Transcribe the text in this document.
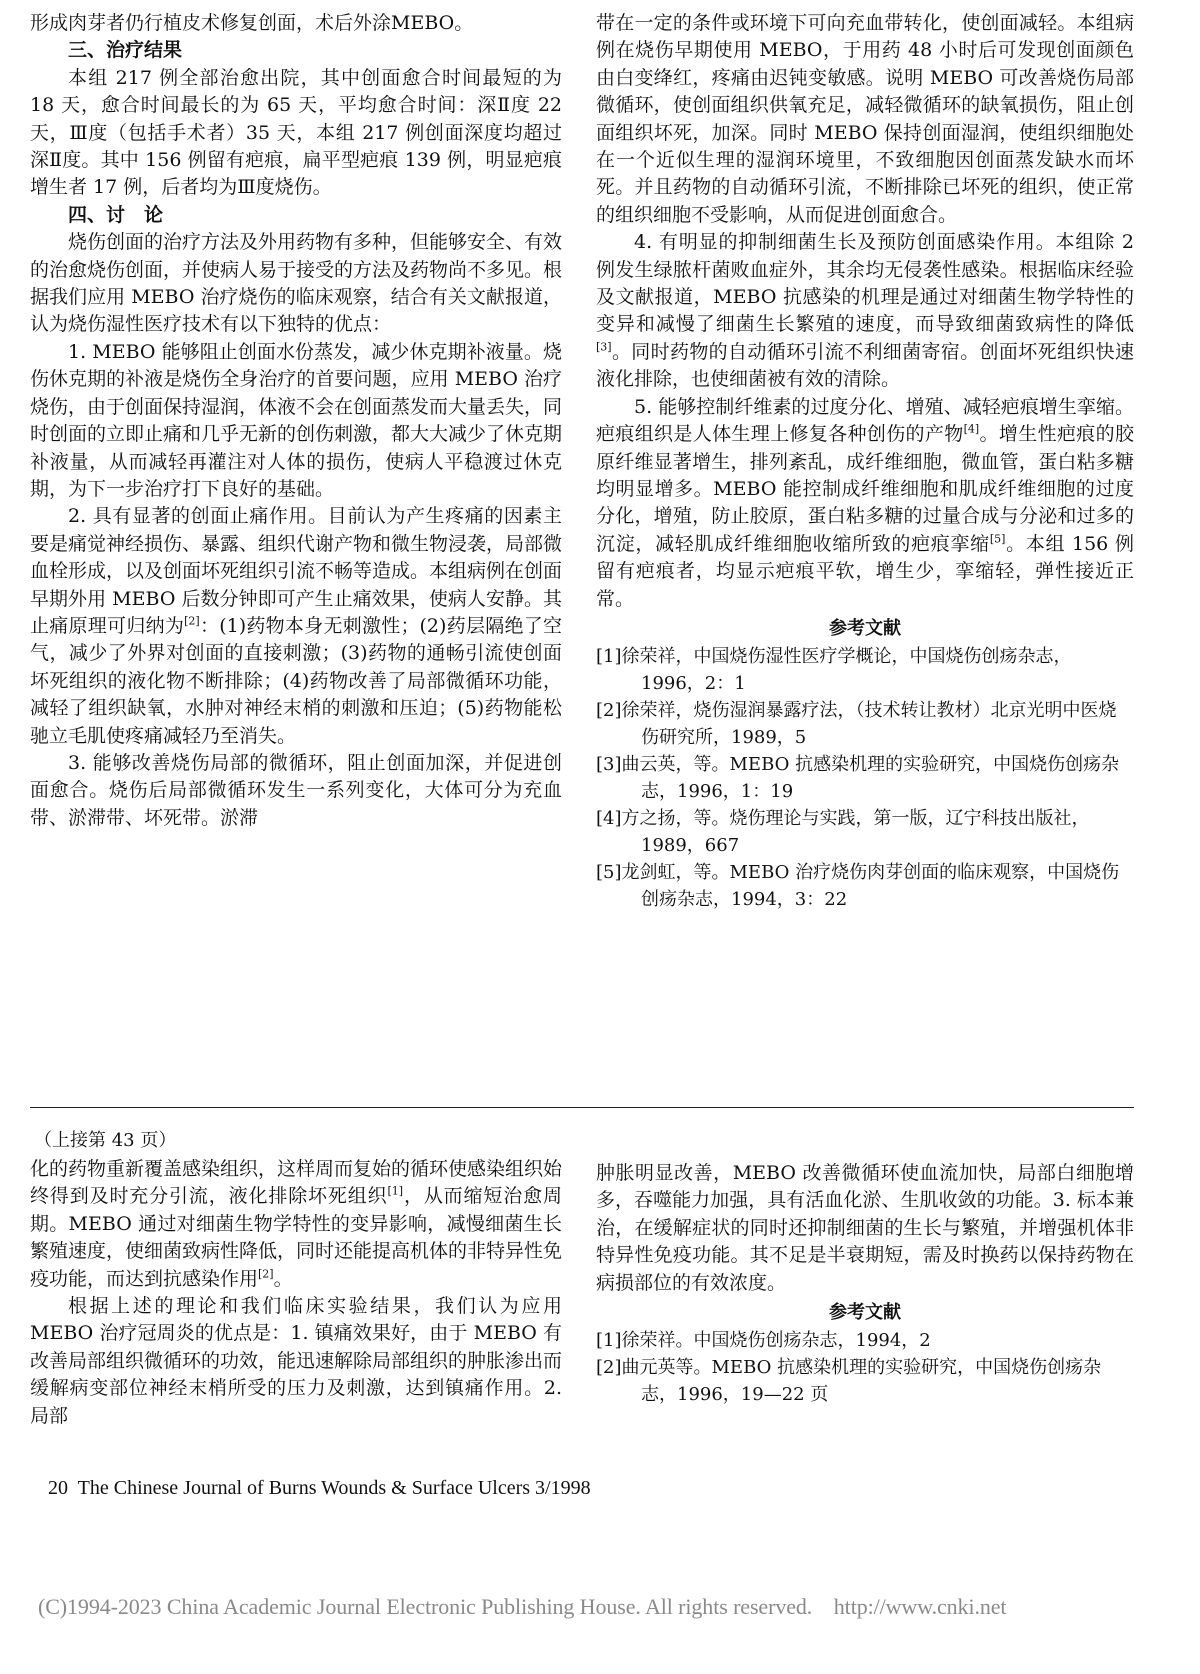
形成肉芽者仍行植皮术修复创面，术后外涂MEBO。

三、治疗结果

本组 217 例全部治愈出院，其中创面愈合时间最短的为 18 天，愈合时间最长的为 65 天，平均愈合时间：深Ⅱ度 22 天，Ⅲ度（包括手术者）35 天，本组 217 例创面深度均超过深Ⅱ度。其中 156 例留有疤痕，扁平型疤痕 139 例，明显疤痕增生者 17 例，后者均为Ⅲ度烧伤。

四、讨　论

烧伤创面的治疗方法及外用药物有多种，但能够安全、有效的治愈烧伤创面，并使病人易于接受的方法及药物尚不多见。根据我们应用 MEBO 治疗烧伤的临床观察，结合有关文献报道，认为烧伤湿性医疗技术有以下独特的优点：

1. MEBO 能够阻止创面水份蒸发，减少休克期补液量。烧伤休克期的补液是烧伤全身治疗的首要问题，应用 MEBO 治疗烧伤，由于创面保持湿润，体液不会在创面蒸发而大量丢失，同时创面的立即止痛和几乎无新的创伤刺激，都大大减少了休克期补液量，从而减轻再灌注对人体的损伤，使病人平稳渡过休克期，为下一步治疗打下良好的基础。

2. 具有显著的创面止痛作用。目前认为产生疼痛的因素主要是痛觉神经损伤、暴露、组织代谢产物和微生物浸袭，局部微血栓形成，以及创面坏死组织引流不畅等造成。本组病例在创面早期外用 MEBO 后数分钟即可产生止痛效果，使病人安静。其止痛原理可归纳为[2]：(1)药物本身无刺激性；(2)药层隔绝了空气，减少了外界对创面的直接刺激；(3)药物的通畅引流使创面坏死组织的液化物不断排除；(4)药物改善了局部微循环功能，减轻了组织缺氧，水肿对神经末梢的刺激和压迫；(5)药物能松驰立毛肌使疼痛减轻乃至消失。

3. 能够改善烧伤局部的微循环，阻止创面加深，并促进创面愈合。烧伤后局部微循环发生一系列变化，大体可分为充血带、淤滞带、坏死带。淤滞

带在一定的条件或环境下可向充血带转化，使创面减轻。本组病例在烧伤早期使用 MEBO，于用药 48 小时后可发现创面颜色由白变绛红，疼痛由迟钝变敏感。说明 MEBO 可改善烧伤局部微循环，使创面组织供氧充足，减轻微循环的缺氧损伤，阻止创面组织坏死，加深。同时 MEBO 保持创面湿润，使组织细胞处在一个近似生理的湿润环境里，不致细胞因创面蒸发缺水而坏死。并且药物的自动循环引流，不断排除已坏死的组织，使正常的组织细胞不受影响，从而促进创面愈合。

4. 有明显的抑制细菌生长及预防创面感染作用。本组除 2 例发生绿脓杆菌败血症外，其余均无侵袭性感染。根据临床经验及文献报道，MEBO 抗感染的机理是通过对细菌生物学特性的变异和减慢了细菌生长繁殖的速度，而导致细菌致病性的降低[3]。同时药物的自动循环引流不利细菌寄宿。创面坏死组织快速液化排除，也使细菌被有效的清除。

5. 能够控制纤维素的过度分化、增殖、减轻疤痕增生挛缩。疤痕组织是人体生理上修复各种创伤的产物[4]。增生性疤痕的胶原纤维显著增生，排列紊乱，成纤维细胞，微血管，蛋白粘多糖均明显增多。MEBO 能控制成纤维细胞和肌成纤维细胞的过度分化，增殖，防止胶原，蛋白粘多糖的过量合成与分泌和过多的沉淀，减轻肌成纤维细胞收缩所致的疤痕挛缩[5]。本组 156 例留有疤痕者，均显示疤痕平软，增生少，挛缩轻，弹性接近正常。

参考文献

[1]徐荣祥，中国烧伤湿性医疗学概论，中国烧伤创疡杂志，1996，2：1
[2]徐荣祥，烧伤湿润暴露疗法，（技术转让教材）北京光明中医烧伤研究所，1989，5
[3]曲云英，等。MEBO 抗感染机理的实验研究，中国烧伤创疡杂志，1996，1：19
[4]方之扬，等。烧伤理论与实践，第一版，辽宁科技出版社，1989，667
[5]龙剑虹，等。MEBO 治疗烧伤肉芽创面的临床观察，中国烧伤创疡杂志，1994，3：22
（上接第 43 页）

化的药物重新覆盖感染组织，这样周而复始的循环使感染组织始终得到及时充分引流，液化排除坏死组织[1]，从而缩短治愈周期。MEBO 通过对细菌生物学特性的变异影响，减慢细菌生长繁殖速度，使细菌致病性降低，同时还能提高机体的非特异性免疫功能，而达到抗感染作用[2]。

根据上述的理论和我们临床实验结果，我们认为应用 MEBO 治疗冠周炎的优点是：1. 镇痛效果好，由于 MEBO 有改善局部组织微循环的功效，能迅速解除局部组织的肿胀渗出而缓解病变部位神经末梢所受的压力及刺激，达到镇痛作用。2. 局部

肿胀明显改善，MEBO 改善微循环使血流加快，局部白细胞增多，吞噬能力加强，具有活血化淤、生肌收敛的功能。3. 标本兼治，在缓解症状的同时还抑制细菌的生长与繁殖，并增强机体非特异性免疫功能。其不足是半衰期短，需及时换药以保持药物在病损部位的有效浓度。

参考文献

[1]徐荣祥。中国烧伤创疡杂志，1994，2
[2]曲元英等。MEBO 抗感染机理的实验研究，中国烧伤创疡杂志，1996，19—22 页
20  The Chinese Journal of Burns Wounds & Surface Ulcers 3/1998
(C)1994-2023 China Academic Journal Electronic Publishing House. All rights reserved.    http://www.cnki.net
